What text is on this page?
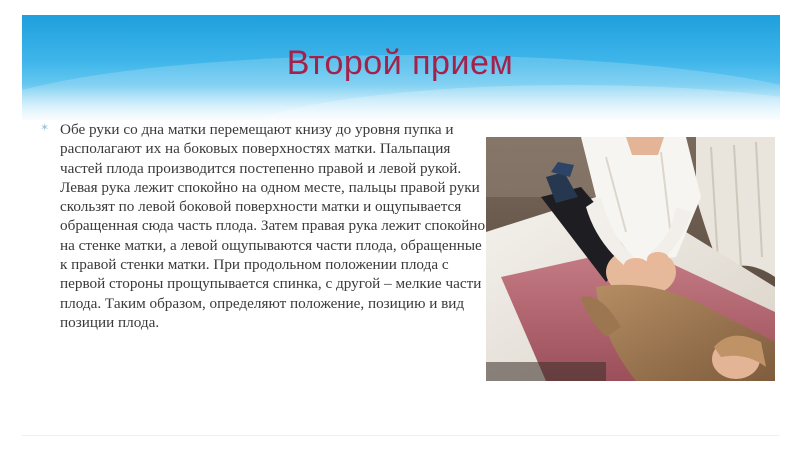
Второй прием
✶ Обе руки со дна матки перемещают книзу до уровня пупка и располагают их на боковых поверхностях матки. Пальпация частей плода производится постепенно правой и левой рукой. Левая рука лежит спокойно на одном месте, пальцы правой руки скользят по левой боковой поверхности матки и ощупывается обращенная сюда часть плода. Затем правая рука лежит спокойно на стенке матки, а левой ощупываются части плода, обращенные к правой стенки матки. При продольном положении плода с первой стороны прощупывается спинка, с другой – мелкие части плода. Таким образом, определяют положение, позицию и вид позиции плода.
